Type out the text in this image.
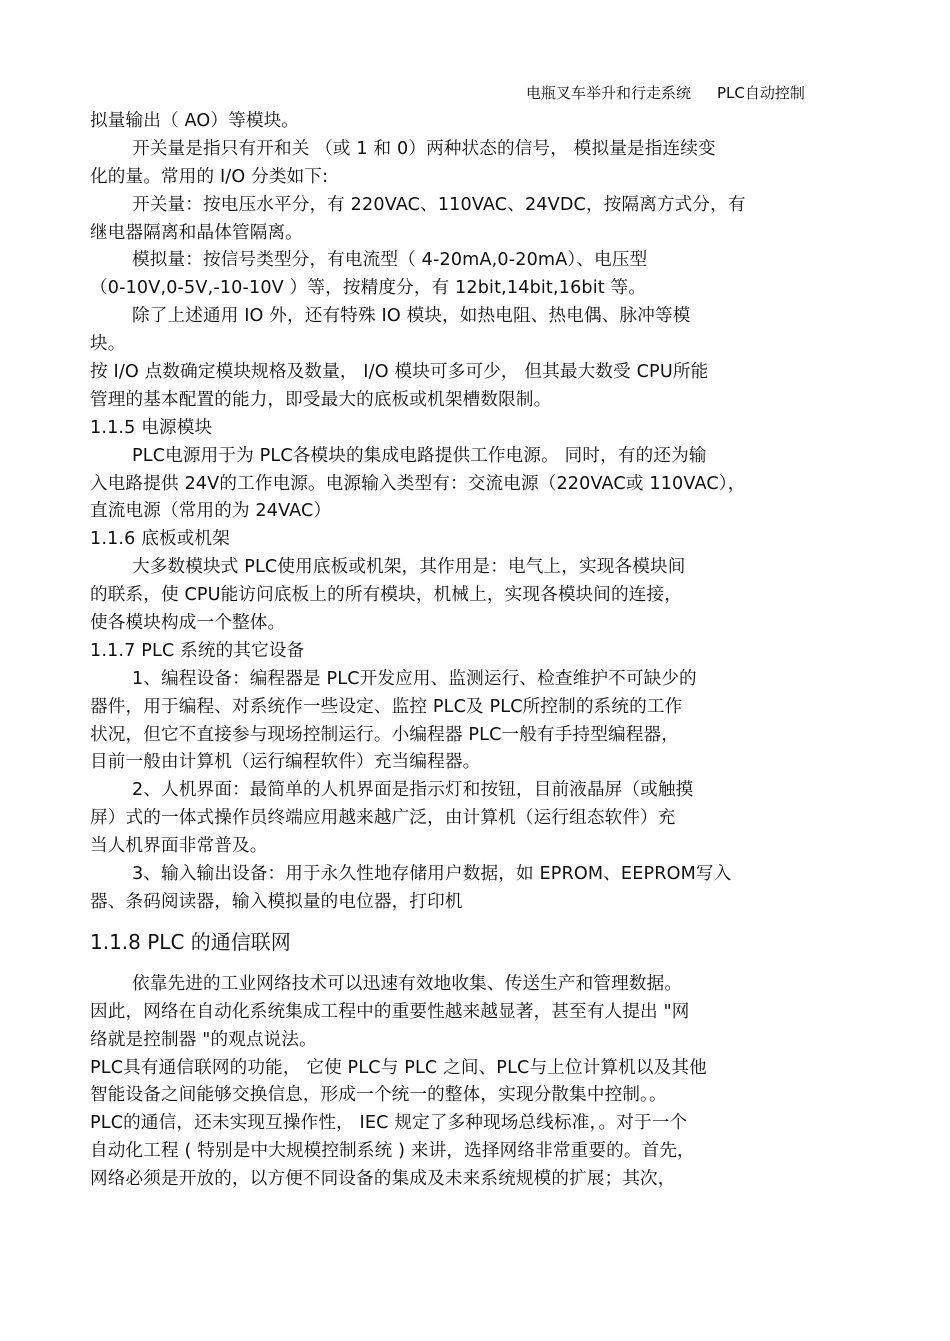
电瓶叉车举升和行走系统 PLC自动控制
拟量输出（ AO）等模块。
开关量是指只有开和关 （或 1 和 0）两种状态的信号， 模拟量是指连续变
化的量。常用的 I/O 分类如下:
开关量：按电压水平分，有 220VAC、110VAC、24VDC，按隔离方式分，有
继电器隔离和晶体管隔离。
模拟量：按信号类型分，有电流型（ 4-20mA,0-20mA）、电压型
（0-10V,0-5V,-10-10V ）等，按精度分，有 12bit,14bit,16bit 等。
除了上述通用 IO 外，还有特殊 IO 模块，如热电阻、热电偶、脉冲等模
块。
按 I/O 点数确定模块规格及数量， I/O 模块可多可少， 但其最大数受 CPU所能
管理的基本配置的能力，即受最大的底板或机架槽数限制。
1.1.5 电源模块
PLC电源用于为 PLC各模块的集成电路提供工作电源。 同时，有的还为输
入电路提供 24V的工作电源。电源输入类型有：交流电源（220VAC或 110VAC），
直流电源（常用的为 24VAC）
1.1.6 底板或机架
大多数模块式 PLC使用底板或机架，其作用是：电气上，实现各模块间
的联系，使 CPU能访问底板上的所有模块，机械上，实现各模块间的连接，
使各模块构成一个整体。
1.1.7 PLC 系统的其它设备
1、编程设备：编程器是 PLC开发应用、监测运行、检查维护不可缺少的
器件，用于编程、对系统作一些设定、监控 PLC及 PLC所控制的系统的工作
状况，但它不直接参与现场控制运行。小编程器 PLC一般有手持型编程器，
目前一般由计算机（运行编程软件）充当编程器。
2、人机界面：最简单的人机界面是指示灯和按钮，目前液晶屏（或触摸
屏）式的一体式操作员终端应用越来越广泛，由计算机（运行组态软件）充
当人机界面非常普及。
3、输入输出设备：用于永久性地存储用户数据，如 EPROM、EEPROM写入
器、条码阅读器，输入模拟量的电位器，打印机
1.1.8 PLC 的通信联网
依靠先进的工业网络技术可以迅速有效地收集、传送生产和管理数据。
因此，网络在自动化系统集成工程中的重要性越来越显著，甚至有人提出 "网
络就是控制器 "的观点说法。
PLC具有通信联网的功能， 它使 PLC与 PLC 之间、PLC与上位计算机以及其他
智能设备之间能够交换信息，形成一个统一的整体，实现分散集中控制。。
PLC的通信，还未实现互操作性， IEC 规定了多种现场总线标准，。对于一个
自动化工程 ( 特别是中大规模控制系统 ) 来讲，选择网络非常重要的。首先，
网络必须是开放的，以方便不同设备的集成及未来系统规模的扩展；其次，
